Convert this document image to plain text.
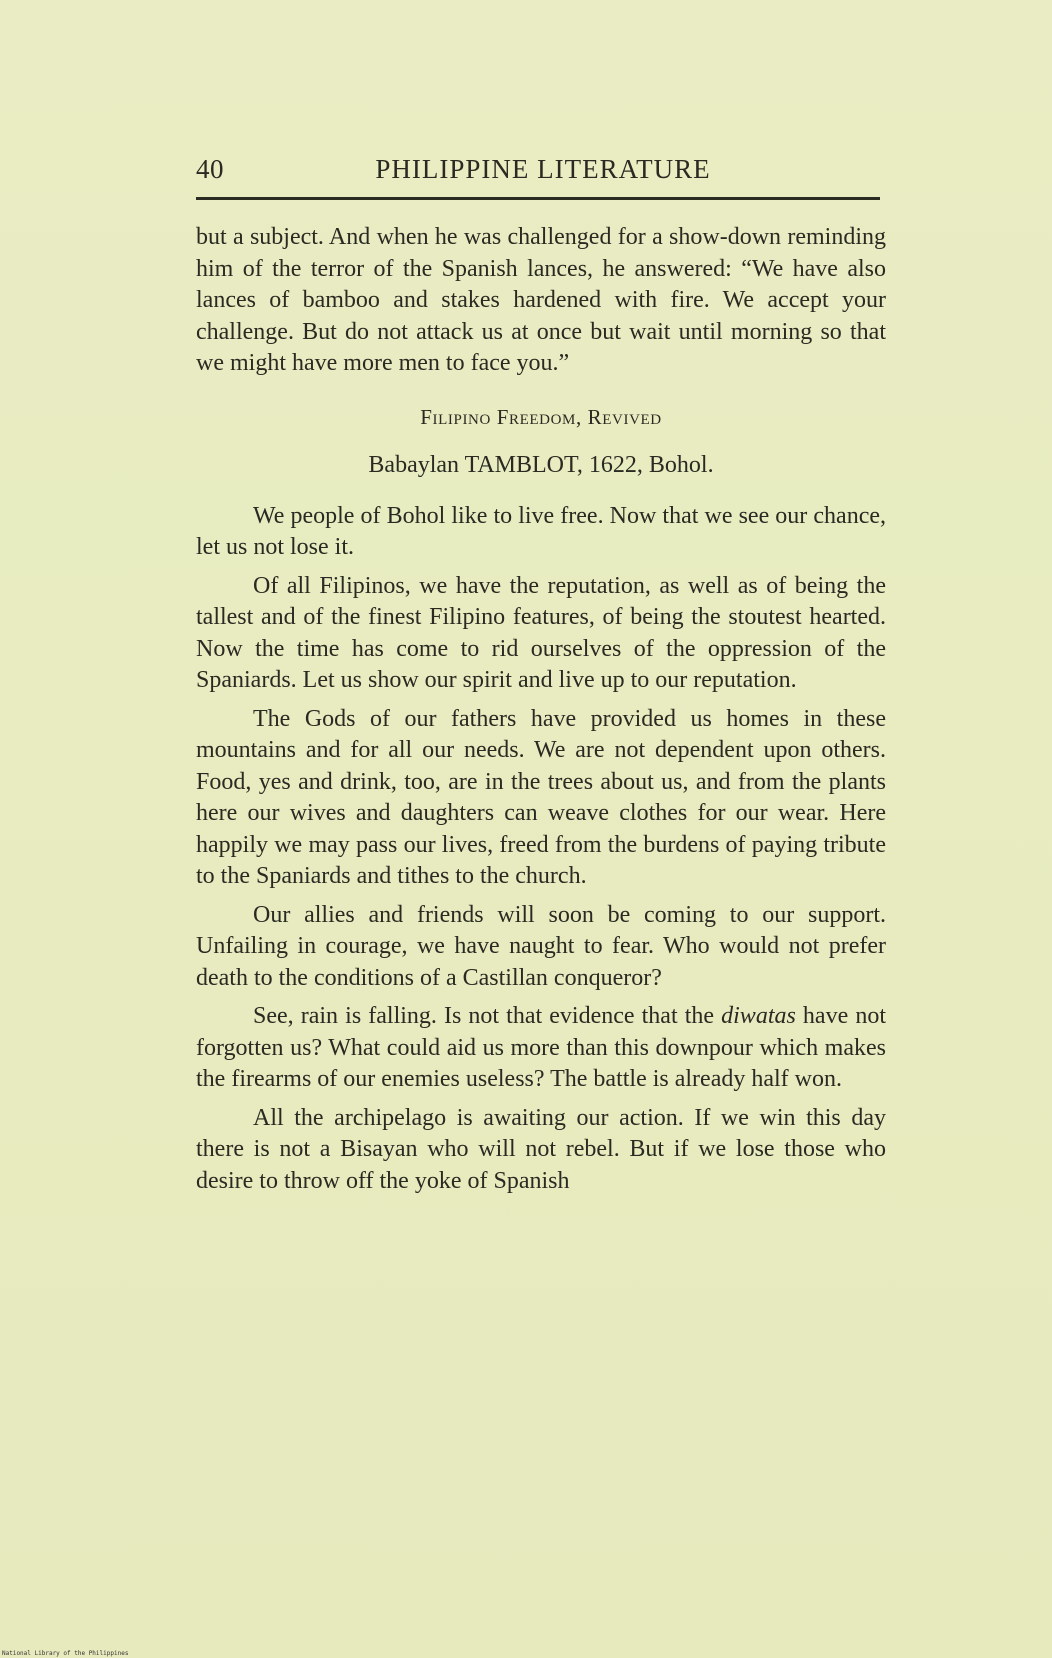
40	PHILIPPINE LITERATURE

but a subject. And when he was challenged for a show-down reminding him of the terror of the Spanish lances, he answered: “We have also lances of bamboo and stakes hardened with fire. We accept your challenge. But do not attack us at once but wait until morning so that we might have more men to face you.”

Filipino Freedom, Revived

Babaylan TAMBLOT, 1622, Bohol.

We people of Bohol like to live free. Now that we see our chance, let us not lose it.

Of all Filipinos, we have the reputation, as well as of being the tallest and of the finest Filipino features, of being the stoutest hearted. Now the time has come to rid ourselves of the oppression of the Spaniards. Let us show our spirit and live up to our reputation.

The Gods of our fathers have provided us homes in these mountains and for all our needs. We are not dependent upon others. Food, yes and drink, too, are in the trees about us, and from the plants here our wives and daughters can weave clothes for our wear. Here happily we may pass our lives, freed from the burdens of paying tribute to the Spaniards and tithes to the church.

Our allies and friends will soon be coming to our support. Unfailing in courage, we have naught to fear. Who would not prefer death to the conditions of a Castillan conqueror?

See, rain is falling. Is not that evidence that the diwatas have not forgotten us? What could aid us more than this downpour which makes the firearms of our enemies useless? The battle is already half won.

All the archipelago is awaiting our action. If we win this day there is not a Bisayan who will not rebel. But if we lose those who desire to throw off the yoke of Spanish

National Library of the Philippines
